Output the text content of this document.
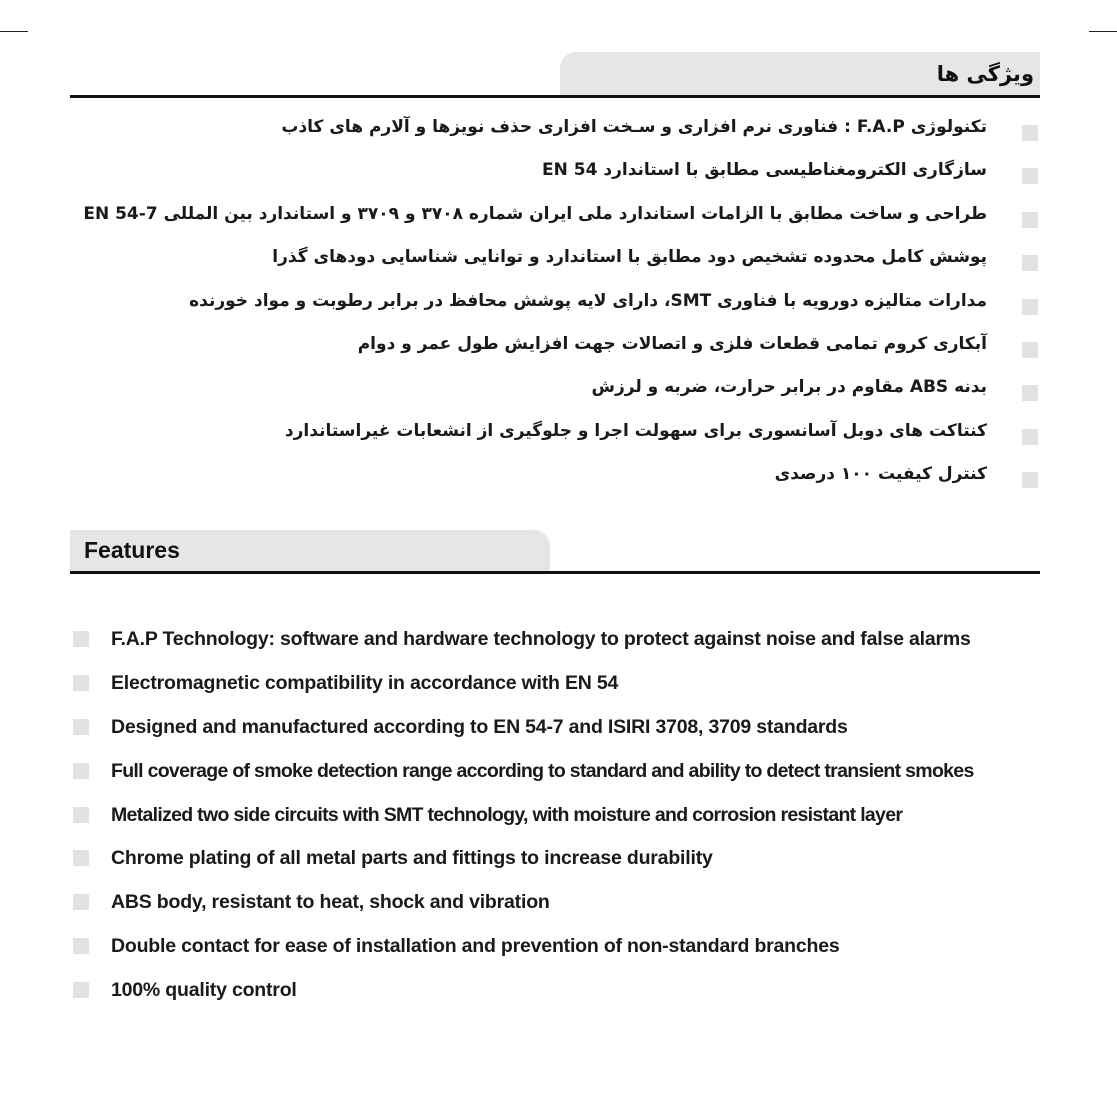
ویژگی ها
تکنولوژی F.A.P : فناوری نرم افزاری و سـخت افزاری حذف نویزها و آلارم های کاذب
سازگاری الکترومغناطیسی مطابق با استاندارد EN 54
طراحی و ساخت مطابق با الزامات استاندارد ملی ایران شماره ۳۷۰۸ و ۳۷۰۹ و استاندارد بین المللی EN 54-7
پوشش کامل محدوده تشخیص دود مطابق با استاندارد و توانایی شناسایی دودهای گذرا
مدارات متالیزه دورویه با فناوری SMT، دارای لایه پوشش محافظ در برابر رطوبت و مواد خورنده
آبکاری کروم تمامی قطعات فلزی و اتصالات جهت افزایش طول عمر و دوام
بدنه ABS مقاوم در برابر حرارت، ضربه و لرزش
کنتاکت های دوبل آسانسوری برای سهولت اجرا و جلوگیری از انشعابات غیراستاندارد
کنترل کیفیت ۱۰۰ درصدی
Features
F.A.P Technology: software and hardware technology to protect against noise and false alarms
Electromagnetic compatibility in accordance with EN 54
Designed and manufactured according to EN 54-7 and ISIRI 3708, 3709 standards
Full coverage of smoke detection range according to standard and ability to detect transient smokes
Metalized two side circuits with SMT technology, with moisture and corrosion resistant layer
Chrome plating of all metal parts and fittings to increase durability
ABS body, resistant to heat, shock and vibration
Double contact for ease of installation and prevention of non-standard branches
100% quality control
